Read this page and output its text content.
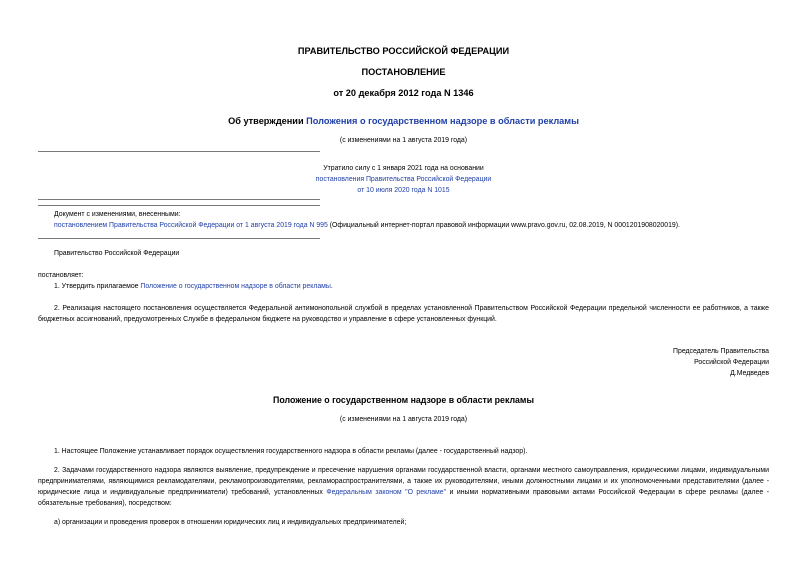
ПРАВИТЕЛЬСТВО РОССИЙСКОЙ ФЕДЕРАЦИИ
ПОСТАНОВЛЕНИЕ
от 20 декабря 2012 года N 1346
Об утверждении Положения о государственном надзоре в области рекламы
(с изменениями на 1 августа 2019 года)
Утратило силу с 1 января 2021 года на основании
постановления Правительства Российской Федерации
от 10 июля 2020 года N 1015
Документ с изменениями, внесенными:
постановлением Правительства Российской Федерации от 1 августа 2019 года N 995 (Официальный интернет-портал правовой информации www.pravo.gov.ru, 02.08.2019, N 0001201908020019).
Правительство Российской Федерации
постановляет:
1. Утвердить прилагаемое Положение о государственном надзоре в области рекламы.
2. Реализация настоящего постановления осуществляется Федеральной антимонопольной службой в пределах установленной Правительством Российской Федерации предельной численности ее работников, а также бюджетных ассигнований, предусмотренных Службе в федеральном бюджете на руководство и управление в сфере установленных функций.
Председатель Правительства
Российской Федерации
Д.Медведев
Положение о государственном надзоре в области рекламы
(с изменениями на 1 августа 2019 года)
1. Настоящее Положение устанавливает порядок осуществления государственного надзора в области рекламы (далее - государственный надзор).
2. Задачами государственного надзора являются выявление, предупреждение и пресечение нарушения органами государственной власти, органами местного самоуправления, юридическими лицами, индивидуальными предпринимателями, являющимися рекламодателями, рекламопроизводителями, рекламораспространителями, а также их руководителями, иными должностными лицами и их уполномоченными представителями (далее - юридические лица и индивидуальные предприниматели) требований, установленных Федеральным законом "О рекламе" и иными нормативными правовыми актами Российской Федерации в сфере рекламы (далее - обязательные требования), посредством:
а) организации и проведения проверок в отношении юридических лиц и индивидуальных предпринимателей;
